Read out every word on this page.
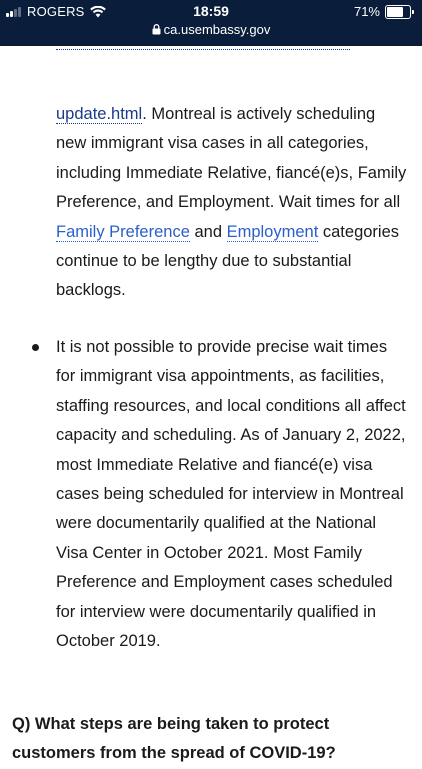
ROGERS	18:59	71%
ca.usembassy.gov
update.html. Montreal is actively scheduling new immigrant visa cases in all categories, including Immediate Relative, fiancé(e)s, Family Preference, and Employment. Wait times for all Family Preference and Employment categories continue to be lengthy due to substantial backlogs.
It is not possible to provide precise wait times for immigrant visa appointments, as facilities, staffing resources, and local conditions all affect capacity and scheduling. As of January 2, 2022, most Immediate Relative and fiancé(e) visa cases being scheduled for interview in Montreal were documentarily qualified at the National Visa Center in October 2021. Most Family Preference and Employment cases scheduled for interview were documentarily qualified in October 2019.
Q) What steps are being taken to protect customers from the spread of COVID-19?
